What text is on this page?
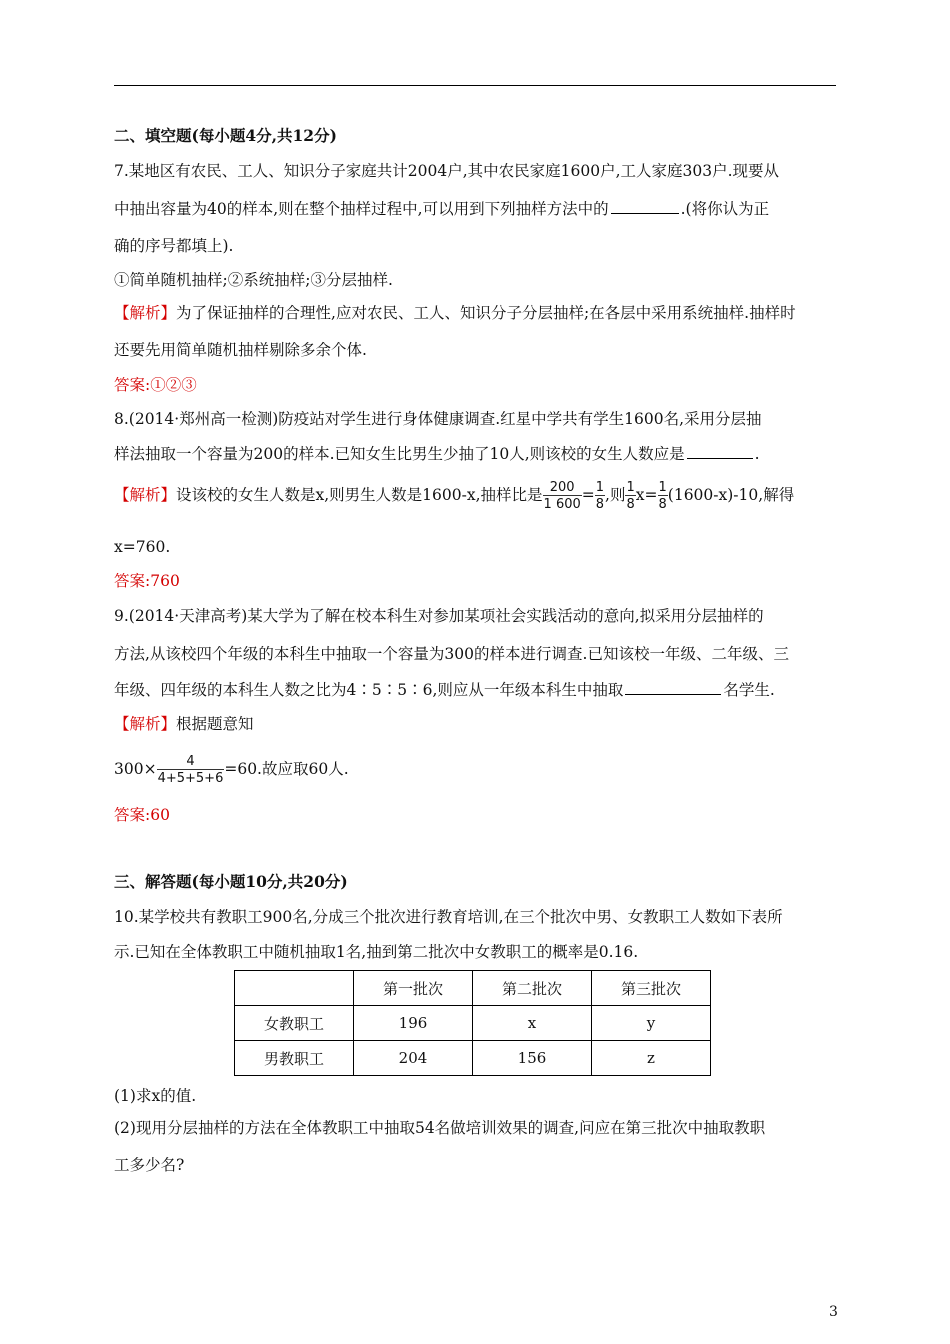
二、填空题(每小题4分,共12分)
7.某地区有农民、工人、知识分子家庭共计2004户,其中农民家庭1600户,工人家庭303户.现要从
中抽出容量为40的样本,则在整个抽样过程中,可以用到下列抽样方法中的	.(将你认为正
确的序号都填上).
①简单随机抽样;②系统抽样;③分层抽样.
【解析】为了保证抽样的合理性,应对农民、工人、知识分子分层抽样;在各层中采用系统抽样.抽样时
还要先用简单随机抽样剔除多余个体.
答案:①②③
8.(2014·郑州高一检测)防疫站对学生进行身体健康调查.红星中学共有学生1600名,采用分层抽
样法抽取一个容量为200的样本.已知女生比男生少抽了10人,则该校的女生人数应是	.
【解析】设该校的女生人数是x,则男生人数是1600-x,抽样比是 $\frac{200}{1 600} = \frac{1}{8}$ ,则 $\frac{1}{8} x= \frac{1}{8} (1600-x)-10$,解得
x=760.
答案:760
9.(2014·天津高考)某大学为了解在校本科生对参加某项社会实践活动的意向,拟采用分层抽样的
方法,从该校四个年级的本科生中抽取一个容量为300的样本进行调查.已知该校一年级、二年级、三
年级、四年级的本科生人数之比为4∶5∶5∶6,则应从一年级本科生中抽取	名学生.
【解析】根据题意知
$300\times \frac{4}{4+5+5+6} =60$.故应取60人.
答案:60
三、解答题(每小题10分,共20分)
10.某学校共有教职工900名,分成三个批次进行教育培训,在三个批次中男、女教职工人数如下表所
示.已知在全体教职工中随机抽取1名,抽到第二批次中女教职工的概率是0.16.
	第一批次	第二批次	第三批次
女教职工	196	x	y
男教职工	204	156	z
(1)求x的值.
(2)现用分层抽样的方法在全体教职工中抽取54名做培训效果的调查,问应在第三批次中抽取教职
工多少名?
3
